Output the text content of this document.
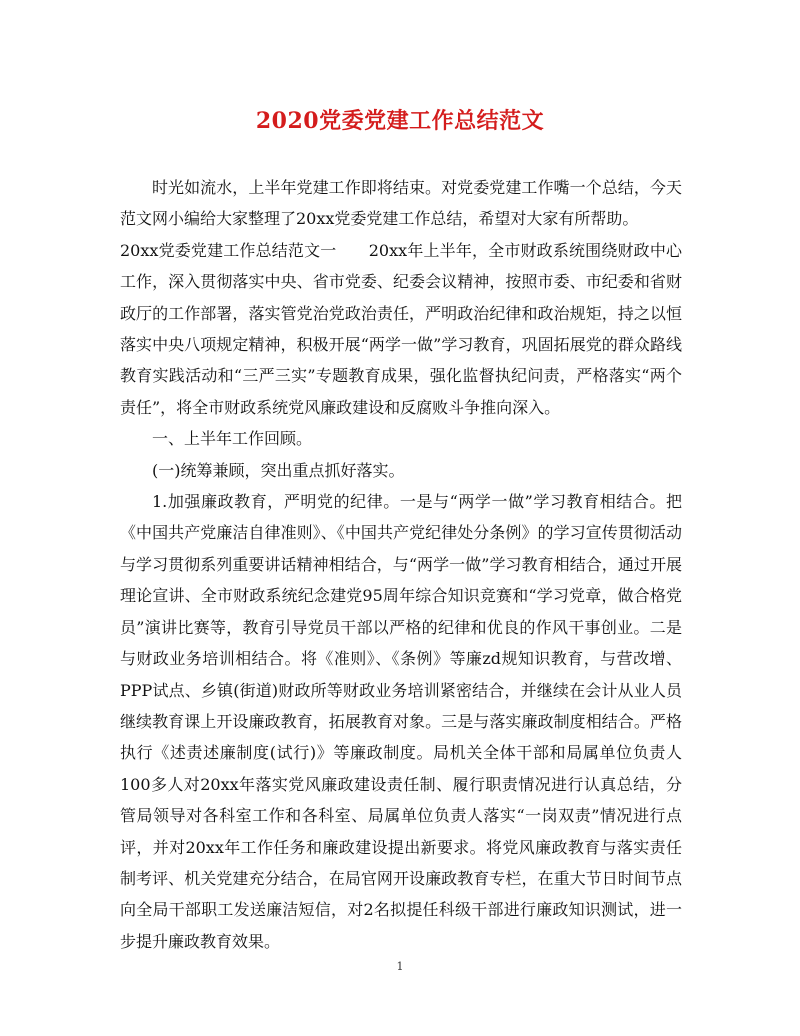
2020党委党建工作总结范文

时光如流水，上半年党建工作即将结束。对党委党建工作嘴一个总结，今天范文网小编给大家整理了20xx党委党建工作总结，希望对大家有所帮助。

20xx党委党建工作总结范文一　　20xx年上半年，全市财政系统围绕财政中心工作，深入贯彻落实中央、省市党委、纪委会议精神，按照市委、市纪委和省财政厅的工作部署，落实管党治党政治责任，严明政治纪律和政治规矩，持之以恒落实中央八项规定精神，积极开展“两学一做”学习教育，巩固拓展党的群众路线教育实践活动和“三严三实”专题教育成果，强化监督执纪问责，严格落实“两个责任”，将全市财政系统党风廉政建设和反腐败斗争推向深入。

一、上半年工作回顾。

(一)统筹兼顾，突出重点抓好落实。

1.加强廉政教育，严明党的纪律。一是与“两学一做”学习教育相结合。把《中国共产党廉洁自律准则》、《中国共产党纪律处分条例》的学习宣传贯彻活动与学习贯彻系列重要讲话精神相结合，与“两学一做”学习教育相结合，通过开展理论宣讲、全市财政系统纪念建党95周年综合知识竞赛和“学习党章，做合格党员”演讲比赛等，教育引导党员干部以严格的纪律和优良的作风干事创业。二是与财政业务培训相结合。将《准则》、《条例》等廉zd规知识教育，与营改增、PPP试点、乡镇(街道)财政所等财政业务培训紧密结合，并继续在会计从业人员继续教育课上开设廉政教育，拓展教育对象。三是与落实廉政制度相结合。严格执行《述责述廉制度(试行)》等廉政制度。局机关全体干部和局属单位负责人100多人对20xx年落实党风廉政建设责任制、履行职责情况进行认真总结，分管局领导对各科室工作和各科室、局属单位负责人落实“一岗双责”情况进行点评，并对20xx年工作任务和廉政建设提出新要求。将党风廉政教育与落实责任制考评、机关党建充分结合，在局官网开设廉政教育专栏，在重大节日时间节点向全局干部职工发送廉洁短信，对2名拟提任科级干部进行廉政知识测试，进一步提升廉政教育效果。

1
